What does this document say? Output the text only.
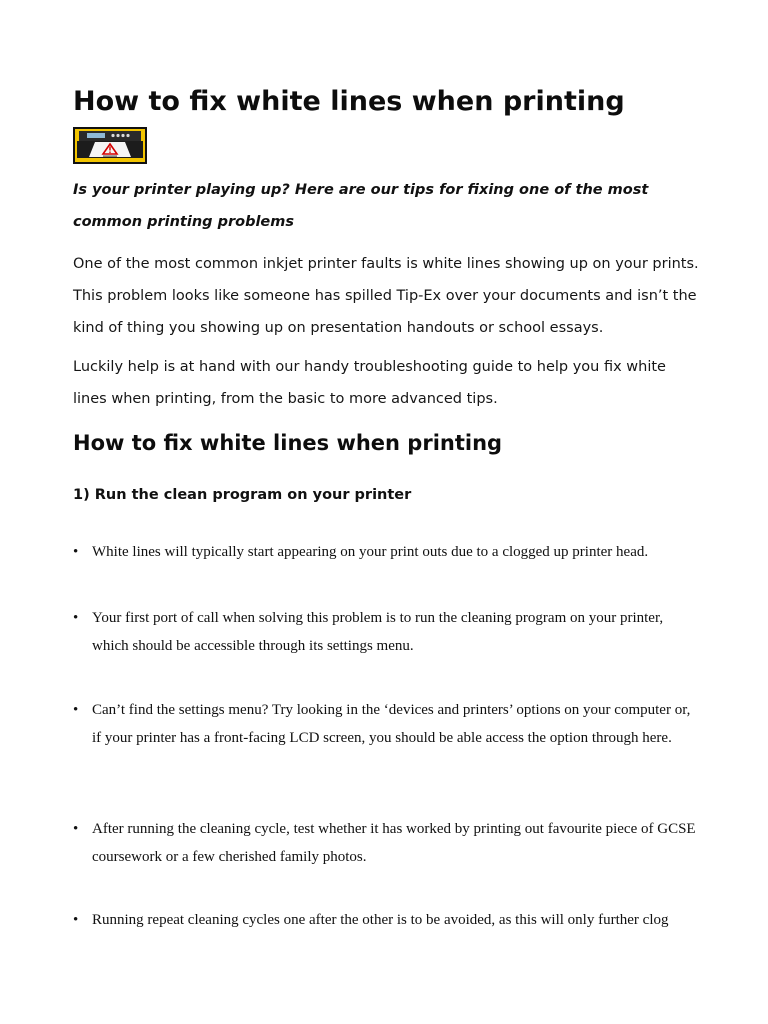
How to fix white lines when printing

Is your printer playing up? Here are our tips for fixing one of the most common printing problems

One of the most common inkjet printer faults is white lines showing up on your prints. This problem looks like someone has spilled Tip-Ex over your documents and isn’t the kind of thing you showing up on presentation handouts or school essays.

Luckily help is at hand with our handy troubleshooting guide to help you fix white lines when printing, from the basic to more advanced tips.

How to fix white lines when printing
1) Run the clean program on your printer
• White lines will typically start appearing on your print outs due to a clogged up printer head.
• Your first port of call when solving this problem is to run the cleaning program on your printer, which should be accessible through its settings menu.
• Can’t find the settings menu? Try looking in the ‘devices and printers’ options on your computer or, if your printer has a front-facing LCD screen, you should be able access the option through here.
• After running the cleaning cycle, test whether it has worked by printing out favourite piece of GCSE coursework or a few cherished family photos.
• Running repeat cleaning cycles one after the other is to be avoided, as this will only further clog
